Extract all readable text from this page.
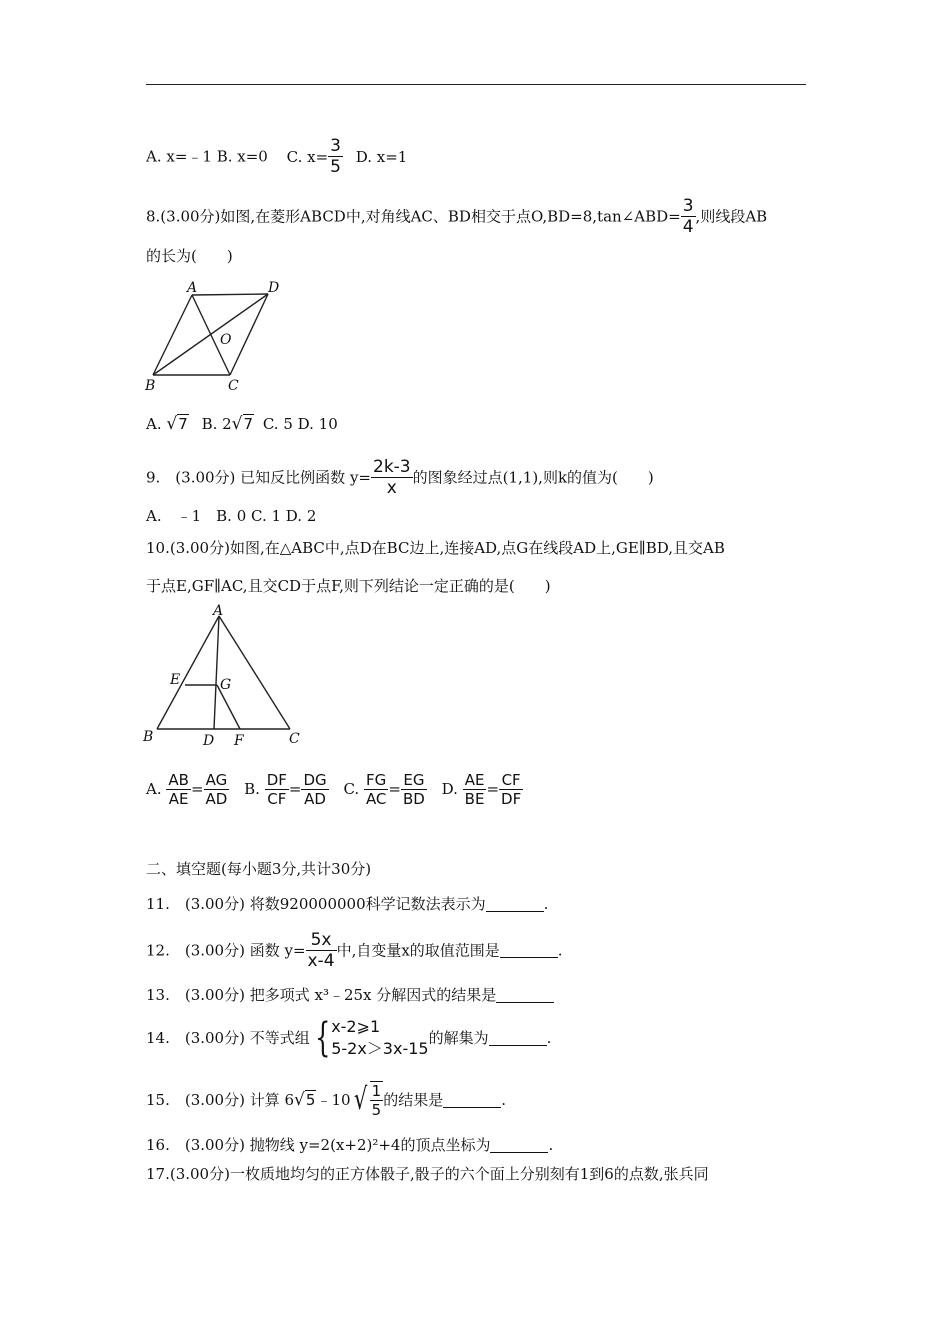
A. x=﹣1 B. x=0 C. $x= \frac{3}{5} D$. x=1
8.(3.00分)如图,在菱形ABCD中,对角线AC、BD相交于点O,BD=8,tan∠ABD= $\frac{3}{4}$ ,则线段AB
的长为(　　)
A	D
O
B	C
A. √7 B. 2√7 C. 5 D. 10
9.　(3.00分) 已知反比例函数 $y= \frac{2k-3}{x}$ 的图象经过点(1,1),则k的值为(　　)
A.　﹣1　B. 0 C. 1 D. 2
10.(3.00分)如图,在△ABC中,点D在BC边上,连接AD,点G在线段AD上,GE∥BD,且交AB
于点E,GF∥AC,且交CD于点F,则下列结论一定正确的是(　　)
A
E	G
B	D F	C
A. $\frac{AB}{AE} = \frac{AG}{AD} B$. $\frac{DF}{CF} = \frac{DG}{AD} C$. $\frac{FG}{AC} = \frac{EG}{BD} D$. $\frac{AE}{BE} = \frac{CF}{DF}$
二、填空题(每小题3分,共计30分)
11.　(3.00分) 将数920000000科学记数法表示为	.
12.　(3.00分) 函数 $y= \frac{5x}{x-4}$ 中,自变量x的取值范围是	.
13.　(3.00分) 把多项式 x³﹣25x 分解因式的结果是
14.　(3.00分) 不等式组 { x-2⩾1
5-2x＞3x-15
的解集为	.
15.　(3.00分) 计算 6√5﹣10 √ $\frac{1}{5}$ 的结果是	.
16.　(3.00分) 抛物线 y=2(x+2)²+4的顶点坐标为	.
17.(3.00分)一枚质地均匀的正方体骰子,骰子的六个面上分别刻有1到6的点数,张兵同
